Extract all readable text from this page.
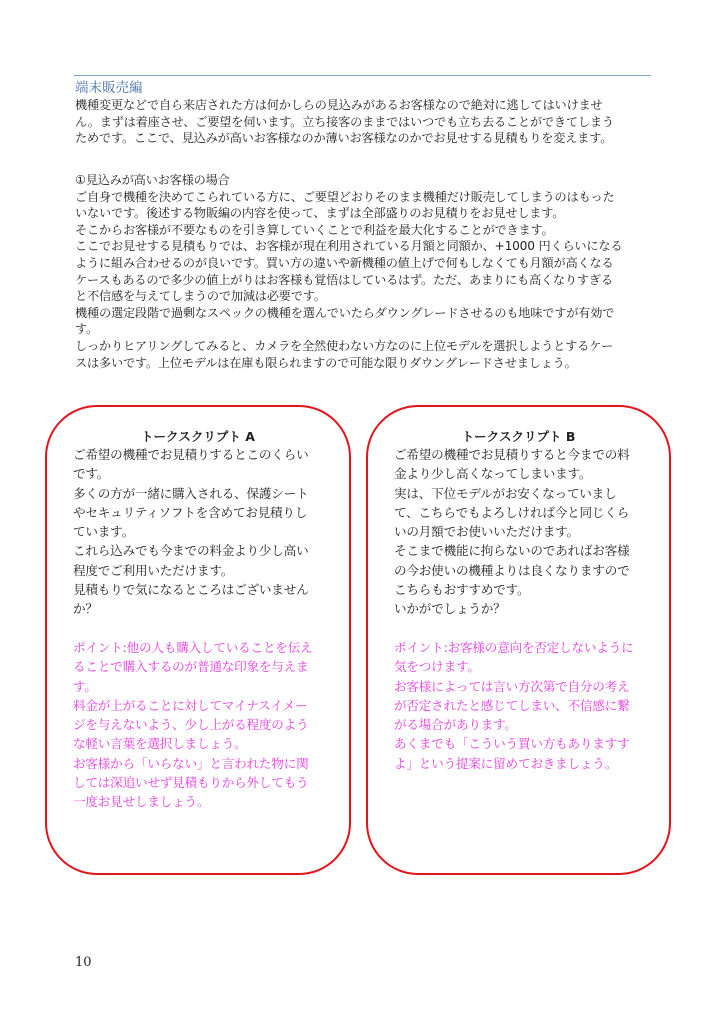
端末販売編
機種変更などで自ら来店された方は何かしらの見込みがあるお客様なので絶対に逃してはいけませ
ん。まずは着座させ、ご要望を伺います。立ち接客のままではいつでも立ち去ることができてしまう
ためです。ここで、見込みが高いお客様なのか薄いお客様なのかでお見せする見積もりを変えます。
①見込みが高いお客様の場合
ご自身で機種を決めてこられている方に、ご要望どおりそのまま機種だけ販売してしまうのはもった
いないです。後述する物販編の内容を使って、まずは全部盛りのお見積りをお見せします。
そこからお客様が不要なものを引き算していくことで利益を最大化することができます。
ここでお見せする見積もりでは、お客様が現在利用されている月額と同額か、+1000 円くらいになる
ように組み合わせるのが良いです。買い方の違いや新機種の値上げで何もしなくても月額が高くなる
ケースもあるので多少の値上がりはお客様も覚悟はしているはず。ただ、あまりにも高くなりすぎる
と不信感を与えてしまうので加減は必要です。
機種の選定段階で過剰なスペックの機種を選んでいたらダウングレードさせるのも地味ですが有効で
す。
しっかりヒアリングしてみると、カメラを全然使わない方なのに上位モデルを選択しようとするケー
スは多いです。上位モデルは在庫も限られますので可能な限りダウングレードさせましょう。
トークスクリプト A
ご希望の機種でお見積りするとこのくらい
です。
多くの方が一緒に購入される、保護シート
やセキュリティソフトを含めてお見積りし
ています。
これら込みでも今までの料金より少し高い
程度でご利用いただけます。
見積もりで気になるところはございません
か？
ポイント:他の人も購入していることを伝え
ることで購入するのが普通な印象を与えま
す。
料金が上がることに対してマイナスイメー
ジを与えないよう、少し上がる程度のよう
な軽い言葉を選択しましょう。
お客様から「いらない」と言われた物に関
しては深追いせず見積もりから外してもう
一度お見せしましょう。
トークスクリプト B
ご希望の機種でお見積りすると今までの料
金より少し高くなってしまいます。
実は、下位モデルがお安くなっていまし
て、こちらでもよろしければ今と同じくら
いの月額でお使いいただけます。
そこまで機能に拘らないのであればお客様
の今お使いの機種よりは良くなりますので
こちらもおすすめです。
いかがでしょうか？
ポイント:お客様の意向を否定しないように
気をつけます。
お客様によっては言い方次第で自分の考え
が否定されたと感じてしまい、不信感に繋
がる場合があります。
あくまでも「こういう買い方もありますす
よ」という提案に留めておきましょう。
10
